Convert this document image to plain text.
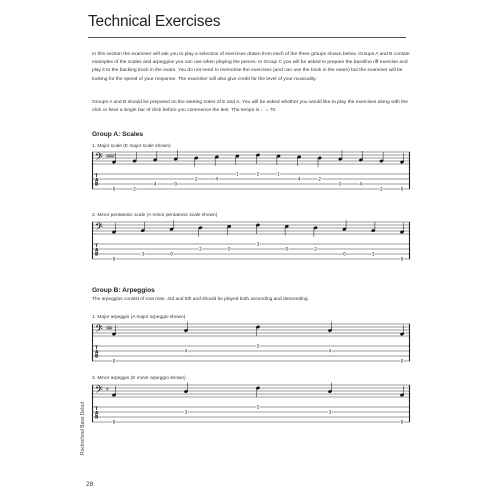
Technical Exercises

In this section the examiner will ask you to play a selection of exercises drawn from each of the three groups shown below. Groups A and B contain examples of the scales and arpeggios you can use when playing the pieces. In Group C you will be asked to prepare the bassline riff exercise and play it to the backing track in the exam. You do not need to memorise the exercises (and can use the book in the exam) but the examiner will be looking for the speed of your response. The examiner will also give credit for the level of your musicality.

Groups A and B should be prepared on the starting notes of E and A. You will be asked whether you would like to play the exercises along with the click or hear a single bar of click before you commence the test. The tempo is ♩= 70.

Group A: Scales
1. Major scale (E major scale shown)
𝄢 ♯♯♯♯
T
A
B
0	2
4	0
2	4
1	2	1
4	2
0	4
2	0
2. Minor pentatonic scale (A minor pentatonic scale shown)
𝄢
T
A
B
0
3	0
2	0
3
0	2
0	3
0
Group B: Arpeggios
The arpeggios consist of root note, 3rd and 5th and should be played both ascending and descending.
1. Major arpeggio (A major arpeggio shown)
𝄢 ♯♯♯
T
A
B
0
4
2
4
0
2. Minor arpeggio (E minor arpeggio shown)
𝄢 ♯
T
A
B
0
3
2
3
0
Rockschool Bass Debut
28
